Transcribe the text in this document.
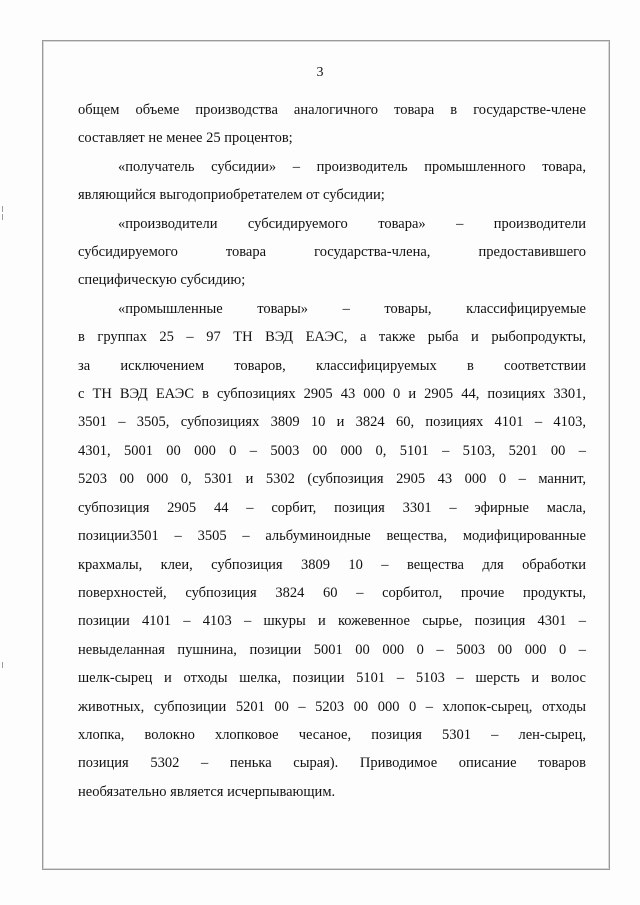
3

общем объеме производства аналогичного товара в государстве-члене
составляет не менее 25 процентов;

«получатель субсидии» – производитель промышленного товара,
являющийся выгодоприобретателем от субсидии;

«производители субсидируемого товара» – производители
субсидируемого товара государства-члена, предоставившего
специфическую субсидию;

«промышленные товары» – товары, классифицируемые
в группах 25 – 97 ТН ВЭД ЕАЭС, а также рыба и рыбопродукты,
за исключением товаров, классифицируемых в соответствии
с ТН ВЭД ЕАЭС в субпозициях 2905 43 000 0 и 2905 44, позициях 3301,
3501 – 3505, субпозициях 3809 10 и 3824 60, позициях 4101 – 4103,
4301, 5001 00 000 0 – 5003 00 000 0, 5101 – 5103, 5201 00 –
5203 00 000 0, 5301 и 5302 (субпозиция 2905 43 000 0 – маннит,
субпозиция 2905 44 – сорбит, позиция 3301 – эфирные масла,
позиции3501 – 3505 – альбуминоидные вещества, модифицированные
крахмалы, клеи, субпозиция 3809 10 – вещества для обработки
поверхностей, субпозиция 3824 60 – сорбитол, прочие продукты,
позиции 4101 – 4103 – шкуры и кожевенное сырье, позиция 4301 –
невыделанная пушнина, позиции 5001 00 000 0 – 5003 00 000 0 –
шелк-сырец и отходы шелка, позиции 5101 – 5103 – шерсть и волос
животных, субпозиции 5201 00 – 5203 00 000 0 – хлопок-сырец, отходы
хлопка, волокно хлопковое чесаное, позиция 5301 – лен-сырец,
позиция 5302 – пенька сырая). Приводимое описание товаров
необязательно является исчерпывающим.
